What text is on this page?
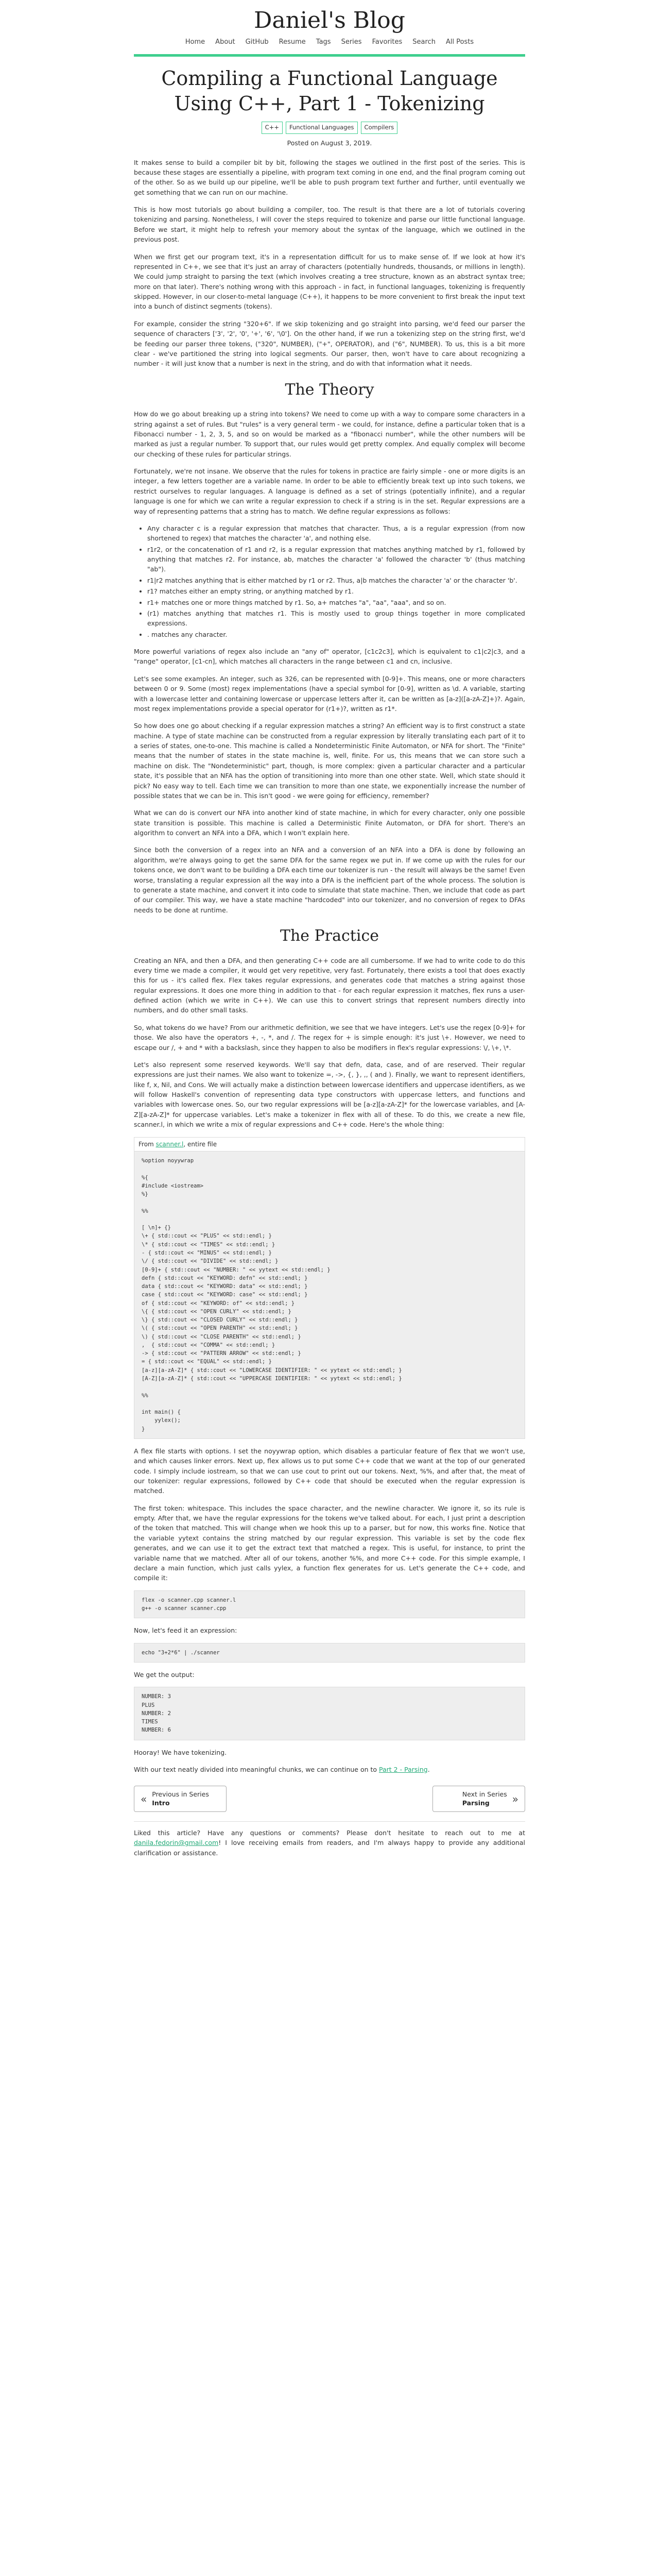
Daniel's Blog
Home About GitHub Resume Tags Series Favorites Search All Posts
Compiling a Functional Language Using C++, Part 1 - Tokenizing
C++	Functional Languages	Compilers
Posted on August 3, 2019.

It makes sense to build a compiler bit by bit, following the stages we outlined in the first post of the series. This is because these stages are essentially a pipeline, with program text coming in one end, and the final program coming out of the other. So as we build up our pipeline, we'll be able to push program text further and further, until eventually we get something that we can run on our machine.

This is how most tutorials go about building a compiler, too. The result is that there are a lot of tutorials covering tokenizing and parsing. Nonetheless, I will cover the steps required to tokenize and parse our little functional language. Before we start, it might help to refresh your memory about the syntax of the language, which we outlined in the previous post.

When we first get our program text, it's in a representation difficult for us to make sense of. If we look at how it's represented in C++, we see that it's just an array of characters (potentially hundreds, thousands, or millions in length). We could jump straight to parsing the text (which involves creating a tree structure, known as an abstract syntax tree; more on that later). There's nothing wrong with this approach - in fact, in functional languages, tokenizing is frequently skipped. However, in our closer-to-metal language (C++), it happens to be more convenient to first break the input text into a bunch of distinct segments (tokens).

For example, consider the string "320+6". If we skip tokenizing and go straight into parsing, we'd feed our parser the sequence of characters ['3', '2', '0', '+', '6', '\0']. On the other hand, if we run a tokenizing step on the string first, we'd be feeding our parser three tokens, ("320", NUMBER), ("+", OPERATOR), and ("6", NUMBER). To us, this is a bit more clear - we've partitioned the string into logical segments. Our parser, then, won't have to care about recognizing a number - it will just know that a number is next in the string, and do with that information what it needs.

The Theory

How do we go about breaking up a string into tokens? We need to come up with a way to compare some characters in a string against a set of rules. But "rules" is a very general term - we could, for instance, define a particular token that is a Fibonacci number - 1, 2, 3, 5, and so on would be marked as a "fibonacci number", while the other numbers will be marked as just a regular number. To support that, our rules would get pretty complex. And equally complex will become our checking of these rules for particular strings.

Fortunately, we're not insane. We observe that the rules for tokens in practice are fairly simple - one or more digits is an integer, a few letters together are a variable name. In order to be able to efficiently break text up into such tokens, we restrict ourselves to regular languages. A language is defined as a set of strings (potentially infinite), and a regular language is one for which we can write a regular expression to check if a string is in the set. Regular expressions are a way of representing patterns that a string has to match. We define regular expressions as follows:

• Any character c is a regular expression that matches that character. Thus, a is a regular expression (from now shortened to regex) that matches the character 'a', and nothing else.
• r1r2, or the concatenation of r1 and r2, is a regular expression that matches anything matched by r1, followed by anything that matches r2. For instance, ab, matches the character 'a' followed the character 'b' (thus matching "ab").
• r1|r2 matches anything that is either matched by r1 or r2. Thus, a|b matches the character 'a' or the character 'b'.
• r1? matches either an empty string, or anything matched by r1.
• r1+ matches one or more things matched by r1. So, a+ matches "a", "aa", "aaa", and so on.
• (r1) matches anything that matches r1. This is mostly used to group things together in more complicated expressions.
• . matches any character.

More powerful variations of regex also include an "any of" operator, [c1c2c3], which is equivalent to c1|c2|c3, and a "range" operator, [c1-cn], which matches all characters in the range between c1 and cn, inclusive.

Let's see some examples. An integer, such as 326, can be represented with [0-9]+. This means, one or more characters between 0 or 9. Some (most) regex implementations (have a special symbol for [0-9], written as \d. A variable, starting with a lowercase letter and containing lowercase or uppercase letters after it, can be written as [a-z]([a-zA-Z]+)?. Again, most regex implementations provide a special operator for (r1+)?, written as r1*.

So how does one go about checking if a regular expression matches a string? An efficient way is to first construct a state machine. A type of state machine can be constructed from a regular expression by literally translating each part of it to a series of states, one-to-one. This machine is called a Nondeterministic Finite Automaton, or NFA for short. The "Finite" means that the number of states in the state machine is, well, finite. For us, this means that we can store such a machine on disk. The "Nondeterministic" part, though, is more complex: given a particular character and a particular state, it's possible that an NFA has the option of transitioning into more than one other state. Well, which state should it pick? No easy way to tell. Each time we can transition to more than one state, we exponentially increase the number of possible states that we can be in. This isn't good - we were going for efficiency, remember?

What we can do is convert our NFA into another kind of state machine, in which for every character, only one possible state transition is possible. This machine is called a Deterministic Finite Automaton, or DFA for short. There's an algorithm to convert an NFA into a DFA, which I won't explain here.

Since both the conversion of a regex into an NFA and a conversion of an NFA into a DFA is done by following an algorithm, we're always going to get the same DFA for the same regex we put in. If we come up with the rules for our tokens once, we don't want to be building a DFA each time our tokenizer is run - the result will always be the same! Even worse, translating a regular expression all the way into a DFA is the inefficient part of the whole process. The solution is to generate a state machine, and convert it into code to simulate that state machine. Then, we include that code as part of our compiler. This way, we have a state machine "hardcoded" into our tokenizer, and no conversion of regex to DFAs needs to be done at runtime.

The Practice

Creating an NFA, and then a DFA, and then generating C++ code are all cumbersome. If we had to write code to do this every time we made a compiler, it would get very repetitive, very fast. Fortunately, there exists a tool that does exactly this for us - it's called flex. Flex takes regular expressions, and generates code that matches a string against those regular expressions. It does one more thing in addition to that - for each regular expression it matches, flex runs a user-defined action (which we write in C++). We can use this to convert strings that represent numbers directly into numbers, and do other small tasks.

So, what tokens do we have? From our arithmetic definition, we see that we have integers. Let's use the regex [0-9]+ for those. We also have the operators +, -, *, and /. The regex for + is simple enough: it's just \+. However, we need to escape our /, + and * with a backslash, since they happen to also be modifiers in flex's regular expressions: \/, \+, \*.

Let's also represent some reserved keywords. We'll say that defn, data, case, and of are reserved. Their regular expressions are just their names. We also want to tokenize =, ->, {, }, ,, ( and ). Finally, we want to represent identifiers, like f, x, Nil, and Cons. We will actually make a distinction between lowercase identifiers and uppercase identifiers, as we will follow Haskell's convention of representing data type constructors with uppercase letters, and functions and variables with lowercase ones. So, our two regular expressions will be [a-z][a-zA-Z]* for the lowercase variables, and [A-Z][a-zA-Z]* for uppercase variables. Let's make a tokenizer in flex with all of these. To do this, we create a new file, scanner.l, in which we write a mix of regular expressions and C++ code. Here's the whole thing:

From scanner.l, entire file
%option noyywrap

%{
#include <iostream>
%}

%%

[ \n]+ {}
\+ { std::cout << "PLUS" << std::endl; }
\* { std::cout << "TIMES" << std::endl; }
- { std::cout << "MINUS" << std::endl; }
\/ { std::cout << "DIVIDE" << std::endl; }
[0-9]+ { std::cout << "NUMBER: " << yytext << std::endl; }
defn { std::cout << "KEYWORD: defn" << std::endl; }
data { std::cout << "KEYWORD: data" << std::endl; }
case { std::cout << "KEYWORD: case" << std::endl; }
of { std::cout << "KEYWORD: of" << std::endl; }
\{ { std::cout << "OPEN CURLY" << std::endl; }
\} { std::cout << "CLOSED CURLY" << std::endl; }
\( { std::cout << "OPEN PARENTH" << std::endl; }
\) { std::cout << "CLOSE PARENTH" << std::endl; }
,  { std::cout << "COMMA" << std::endl; }
-> { std::cout << "PATTERN ARROW" << std::endl; }
= { std::cout << "EQUAL" << std::endl; }
[a-z][a-zA-Z]* { std::cout << "LOWERCASE IDENTIFIER: " << yytext << std::endl; }
[A-Z][a-zA-Z]* { std::cout << "UPPERCASE IDENTIFIER: " << yytext << std::endl; }

%%

int main() {
yylex();
}

A flex file starts with options. I set the noyywrap option, which disables a particular feature of flex that we won't use, and which causes linker errors. Next up, flex allows us to put some C++ code that we want at the top of our generated code. I simply include iostream, so that we can use cout to print out our tokens. Next, %%, and after that, the meat of our tokenizer: regular expressions, followed by C++ code that should be executed when the regular expression is matched.

The first token: whitespace. This includes the space character, and the newline character. We ignore it, so its rule is empty. After that, we have the regular expressions for the tokens we've talked about. For each, I just print a description of the token that matched. This will change when we hook this up to a parser, but for now, this works fine. Notice that the variable yytext contains the string matched by our regular expression. This variable is set by the code flex generates, and we can use it to get the extract text that matched a regex. This is useful, for instance, to print the variable name that we matched. After all of our tokens, another %%, and more C++ code. For this simple example, I declare a main function, which just calls yylex, a function flex generates for us. Let's generate the C++ code, and compile it:

flex -o scanner.cpp scanner.l
g++ -o scanner scanner.cpp

Now, let's feed it an expression:

echo "3+2*6" | ./scanner

We get the output:

NUMBER: 3
PLUS
NUMBER: 2
TIMES
NUMBER: 6

Hooray! We have tokenizing.

With our text neatly divided into meaningful chunks, we can continue on to Part 2 - Parsing.

« Previous in Series
Intro
Next in Series
Parsing	»

Liked this article? Have any questions or comments? Please don't hesitate to reach out to me at danila.fedorin@gmail.com! I love receiving emails from readers, and I'm always happy to provide any additional clarification or assistance.
